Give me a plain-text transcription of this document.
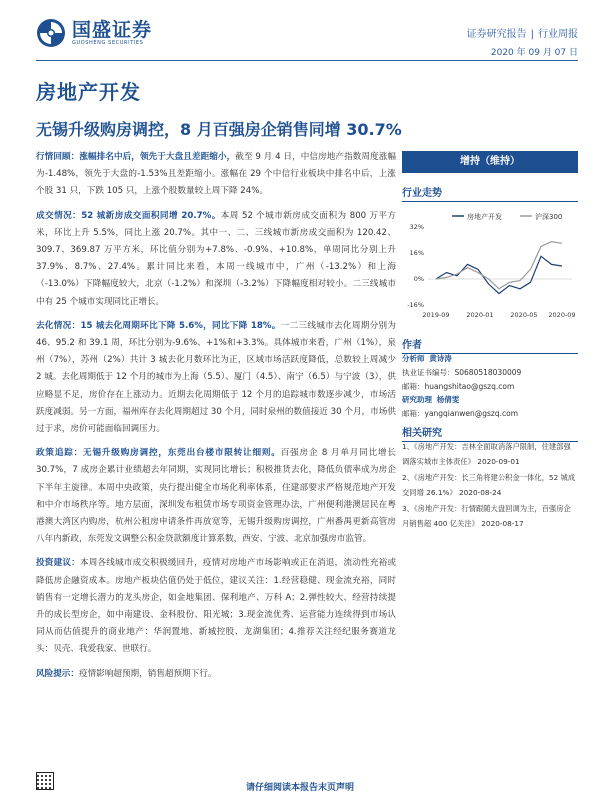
国盛证券
GUOSHENG SECURITIES
证券研究报告 | 行业周报
2020 年 09 月 07 日
房地产开发
无锡升级购房调控，8 月百强房企销售同增 30.7%
行情回顾：涨幅排名中后，领先于大盘且差距缩小，截至 9 月 4 日，中信房地产指数周度涨幅为-1.48%，领先于大盘的-1.53%且差距缩小。涨幅在 29 个中信行业板块中排名中后，上涨个股 31 只，下跌 105 只，上涨个股数量较上周下降 24%。
成交情况：52 城新房成交面积同增 20.7%。本周 52 个城市新房成交面积为 800 万平方米，环比上升 5.5%，同比上涨 20.7%。其中一、二、三线城市新房成交面积为 120.42、309.7、369.87 万平方米，环比值分别为+7.8%、-0.9%、+10.8%，单周同比分别上升 37.9%、8.7%、27.4%。累计同比来看，本周一线城市中，广州（-13.2%）和上海（-13.0%）下降幅度较大，北京（-1.2%）和深圳（-3.2%）下降幅度相对较小。二三线城市中有 25 个城市实现同比正增长。
去化情况：15 城去化周期环比下降 5.6%，同比下降 18%。一二三线城市去化周期分别为 46、95.2 和 39.1 周，环比分别为-9.6%、+1%和+3.3%。具体城市来看，广州（1%），泉州（7%），苏州（2%）共计 3 城去化月数环比为正，区域市场活跃度降低，总数较上周减少 2 城。去化周期低于 12 个月的城市为上海（5.5）、厦门（4.5）、南宁（6.5）与宁波（3），供应略显不足，房价存在上涨动力。近期去化周期低于 12 个月的追踪城市数逐步减少，市场活跃度减弱。另一方面，福州库存去化周期超过 30 个月，同时泉州的数值接近 30 个月，市场供过于求，房价可能面临回调压力。
政策追踪：无锡升级购房调控，东莞出台楼市限转让细则。百强房企 8 月单月同比增长 30.7%，7 成房企累计业绩超去年同期，实现同比增长；积极推货去化，降低负债率成为房企下半年主旋律。本周中央政策，央行提出健全市场化利率体系，住建部要求严格规范地产开发和中介市场秩序等。地方层面，深圳发布租赁市场专项资金管理办法，广州便利港澳居民在粤港澳大湾区内购房，杭州公租房申请条件再放宽等，无锡升级购房调控，广州番禺更新高管房八年内新政，东莞发文调整公积金贷款额度计算系数，西安、宁波、北京加强房市监管。
投资建议：本周各线城市成交积极缓回升，疫情对房地产市场影响或正在消退，流动性充裕或降低房企融资成本。房地产板块估值仍处于低位，建议关注：1.经营稳健、现金流充裕，同时销售有一定增长潜力的龙头房企，如金地集团、保利地产、万科 A；2.弹性较大、经营持续提升的成长型房企，如中南建设、金科股份、阳光城；3.现金流优秀、运营能力连续得到市场认同从而估值提升的商业地产：华润置地、新城控股、龙湖集团；4.推荐关注经纪服务赛道龙头：贝壳、我爱我家、世联行。
风险提示：疫情影响超预期，销售超预期下行。
增持（维持）
行业走势
房地产开发	沪深300
32%
16%
0%
-16%
2019-09	2020-01	2020-05 2020-09
作者
分析师 黄诗涛
执业证书编号：S0680518030009
邮箱：huangshitao@gszq.com
研究助理 杨倩雯
邮箱：yangqianwen@gszq.com
相关研究
1、《房地产开发：吉林全面取消落户限制，住建部强调落实城市主体责任》 2020-09-01
2、《房地产开发：长三角将建公积金一体化，52 城成交同增 26.1%》 2020-08-24
3、《房地产开发：行情跟随大盘回调为主，百强房企月销售超 400 亿关注》 2020-08-17
请仔细阅读本报告末页声明
